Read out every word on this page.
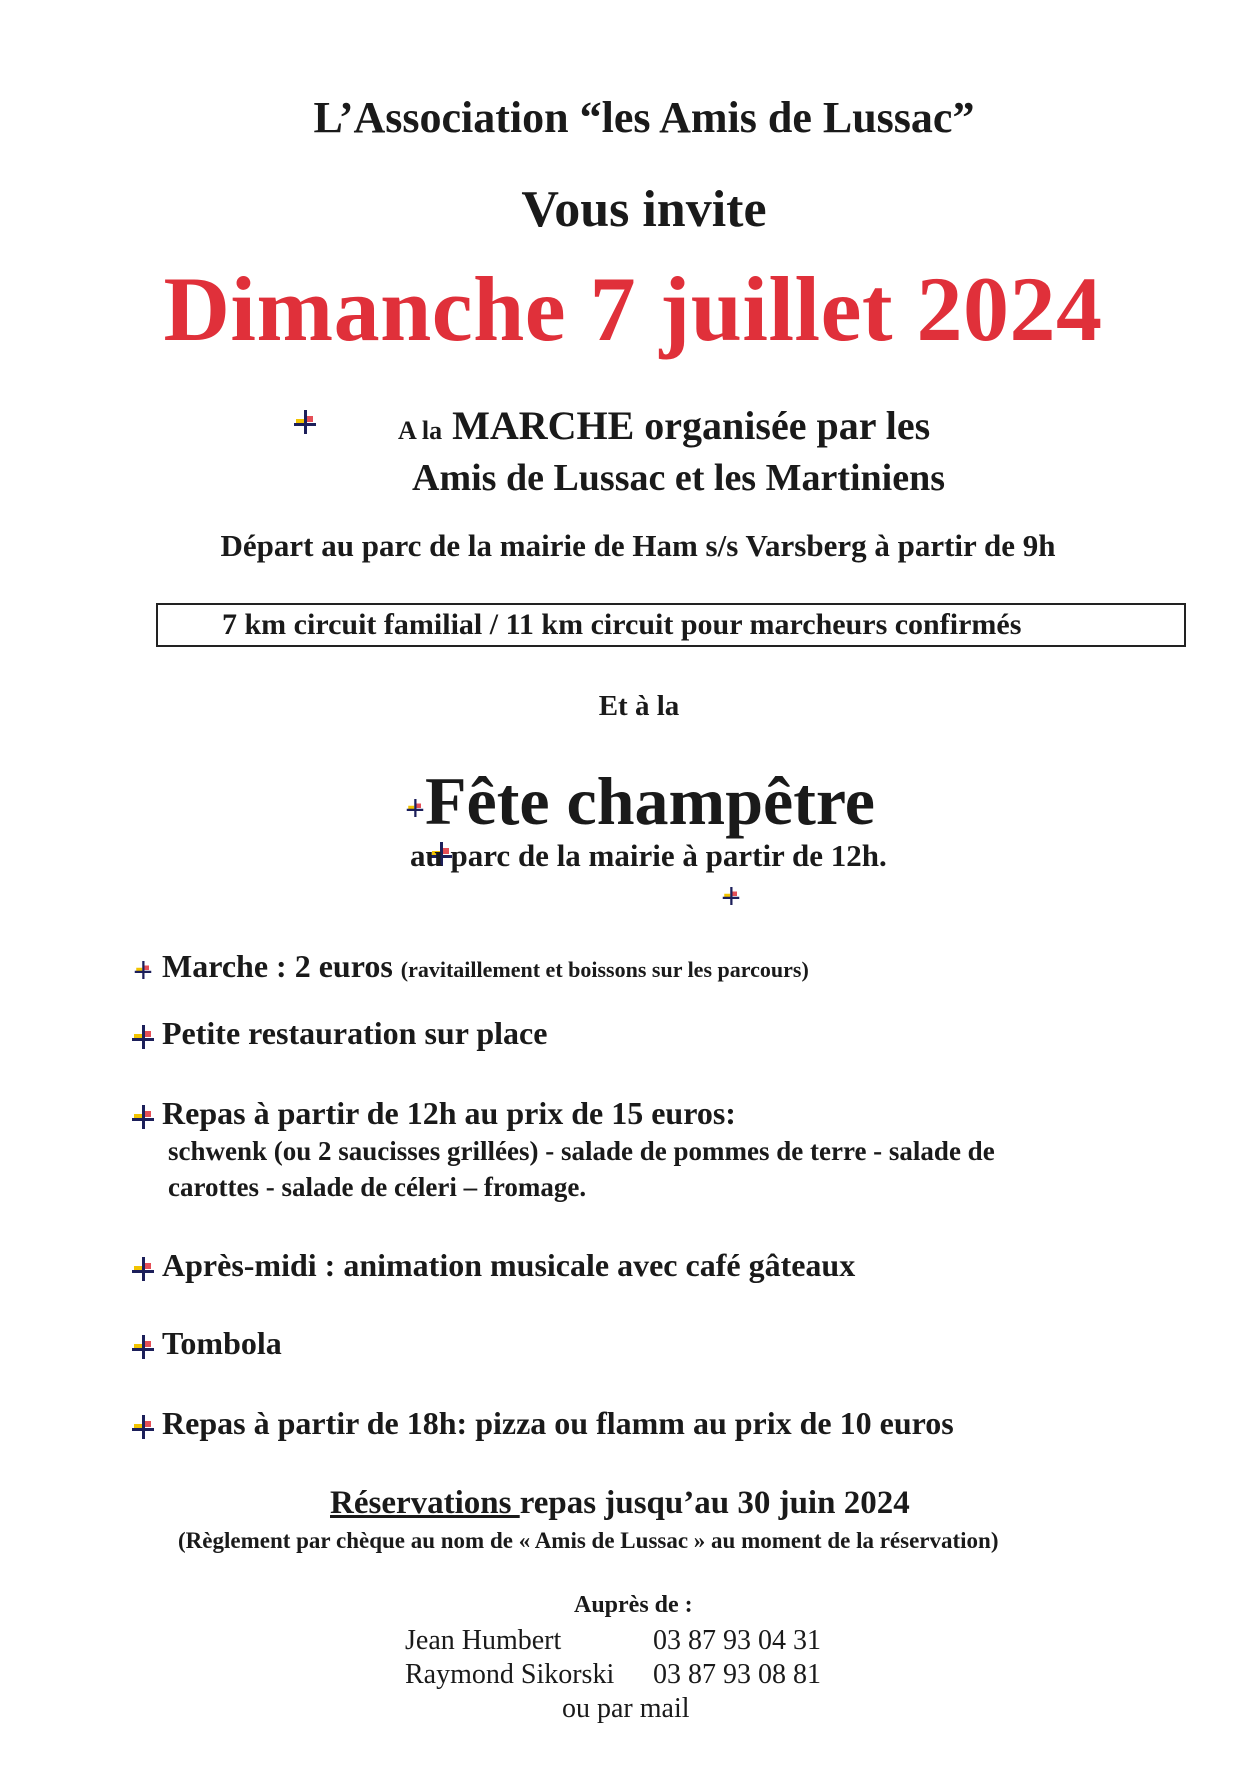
L’Association “les Amis de Lussac”
Vous invite
Dimanche 7 juillet 2024

A la MARCHE organisée par les
Amis de Lussac et les Martiniens
Départ au parc de la mairie de Ham s/s Varsberg à partir de 9h
7 km circuit familial / 11 km circuit pour marcheurs confirmés
Et à la

Fête champêtre

au parc de la mairie à partir de 12h.
Marche : 2 euros (ravitaillement et boissons sur les parcours)
Petite restauration sur place
Repas à partir de 12h au prix de 15 euros:
schwenk (ou 2 saucisses grillées) - salade de pommes de terre - salade de
carottes - salade de céleri – fromage.
Après-midi : animation musicale avec café gâteaux
Tombola
Repas à partir de 18h: pizza ou flamm au prix de 10 euros
Réservations repas jusqu’au 30 juin 2024
(Règlement par chèque au nom de « Amis de Lussac » au moment de la réservation)
Auprès de :
Jean Humbert	03 87 93 04 31
Raymond Sikorski 03 87 93 08 81
ou par mail
